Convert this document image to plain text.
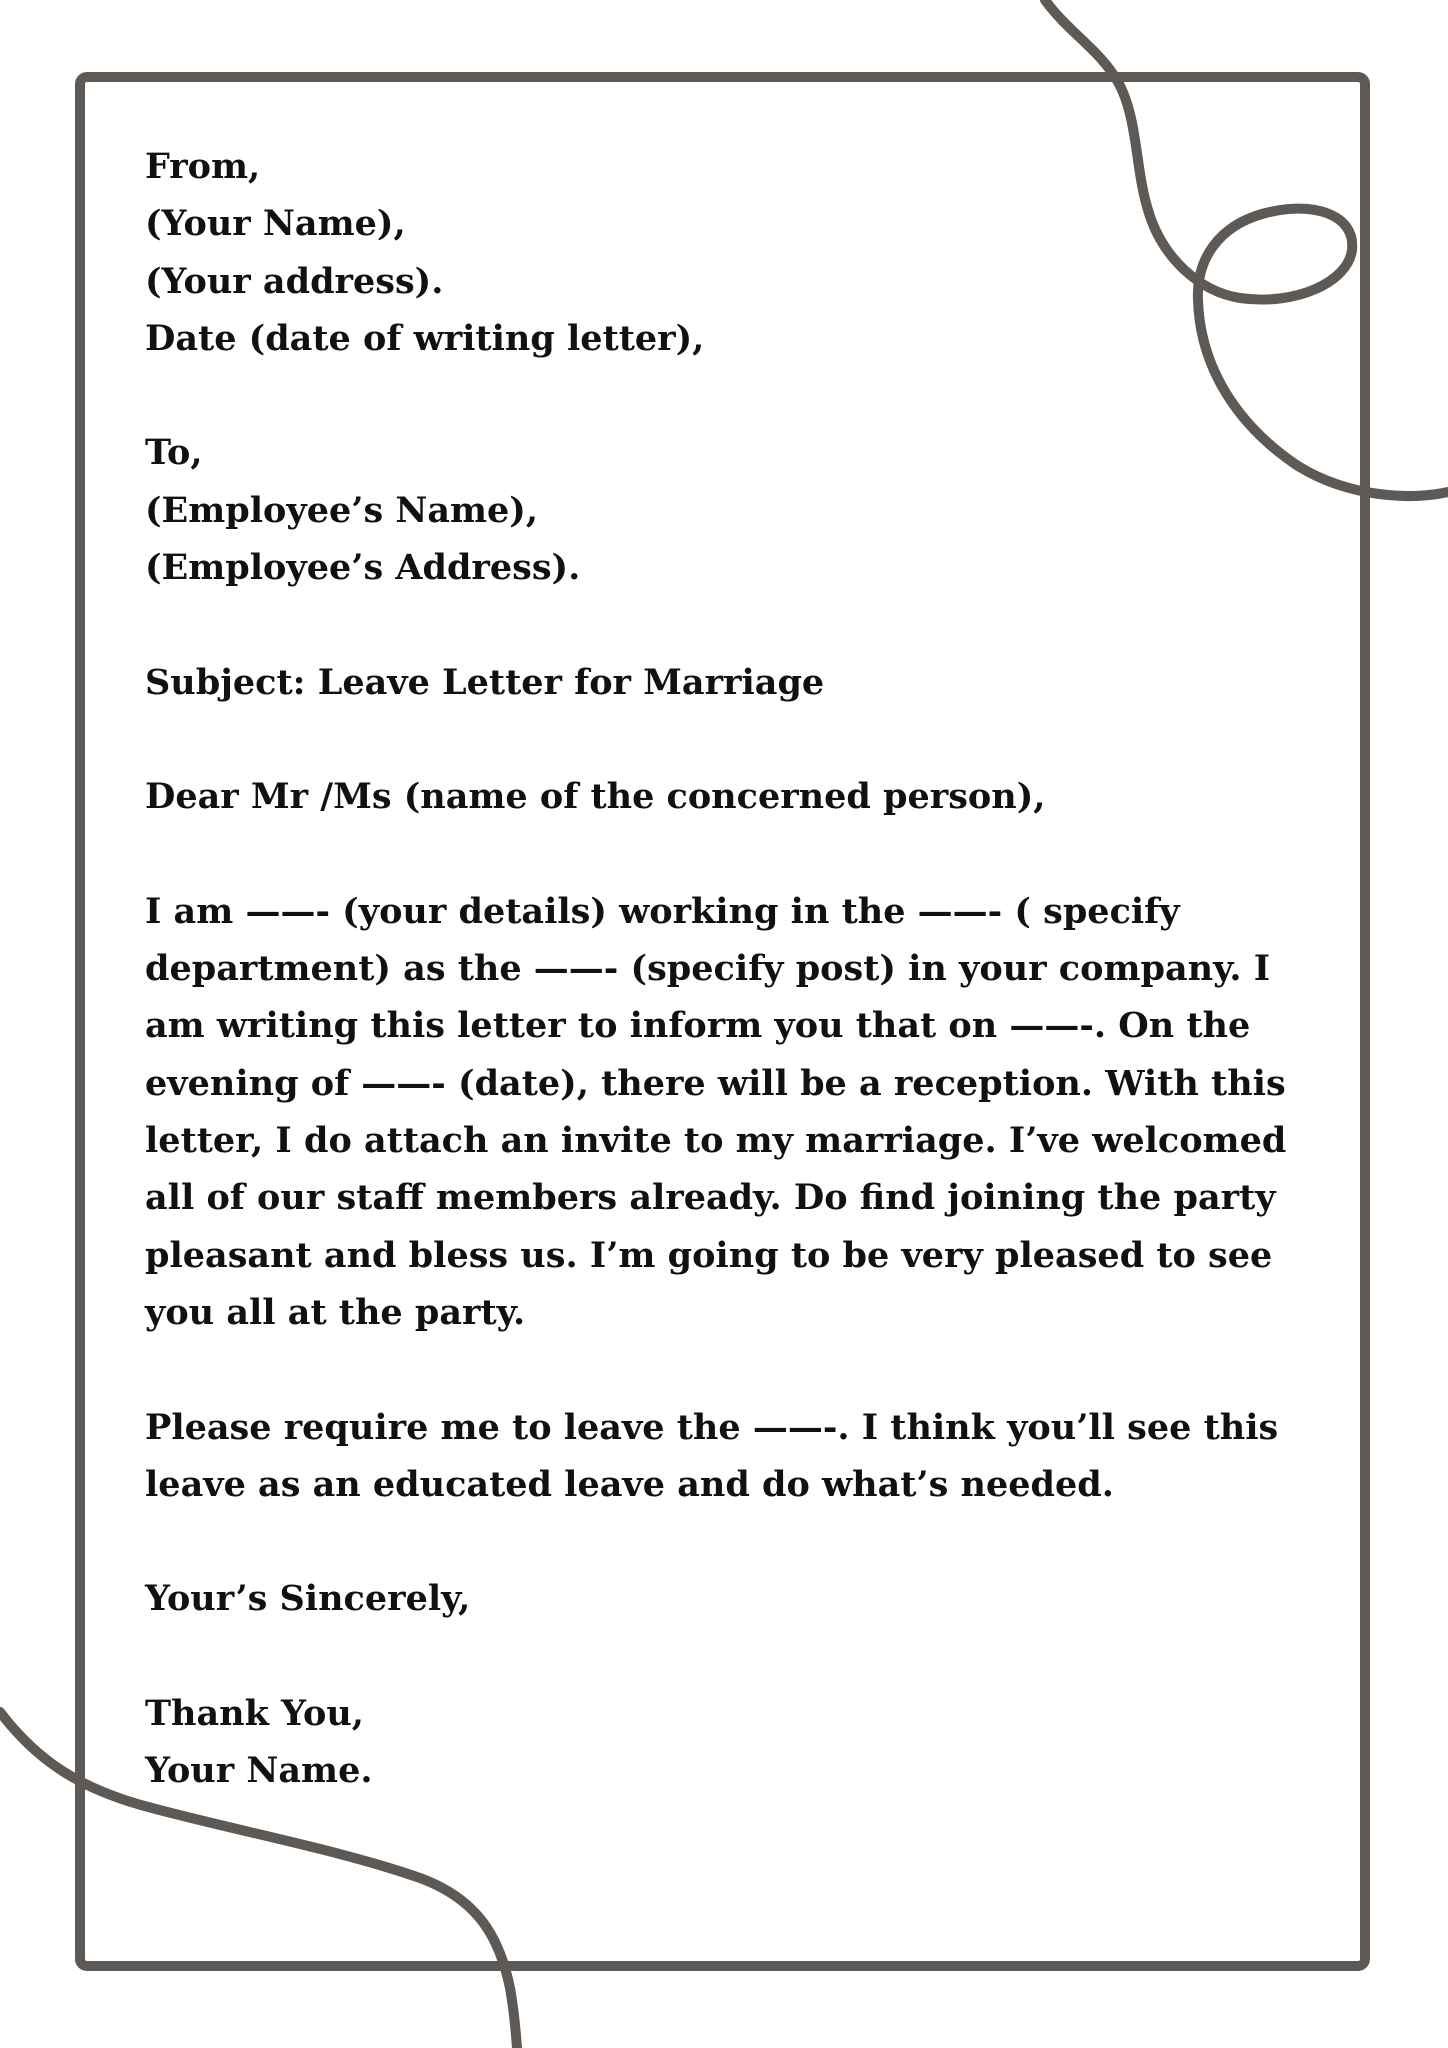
From,

(Your Name),

(Your address).

Date (date of writing letter),

To,

(Employee’s Name),

(Employee’s Address).

Subject: Leave Letter for Marriage

Dear Mr /Ms (name of the concerned person),

I am ——- (your details) working in the ——- ( specify

department) as the ——- (specify post) in your company. I

am writing this letter to inform you that on ——-. On the

evening of ——- (date), there will be a reception. With this

letter, I do attach an invite to my marriage. I’ve welcomed

all of our staff members already. Do find joining the party

pleasant and bless us. I’m going to be very pleased to see

you all at the party.

Please require me to leave the ——-. I think you’ll see this

leave as an educated leave and do what’s needed.

Your’s Sincerely,

Thank You,

Your Name.
